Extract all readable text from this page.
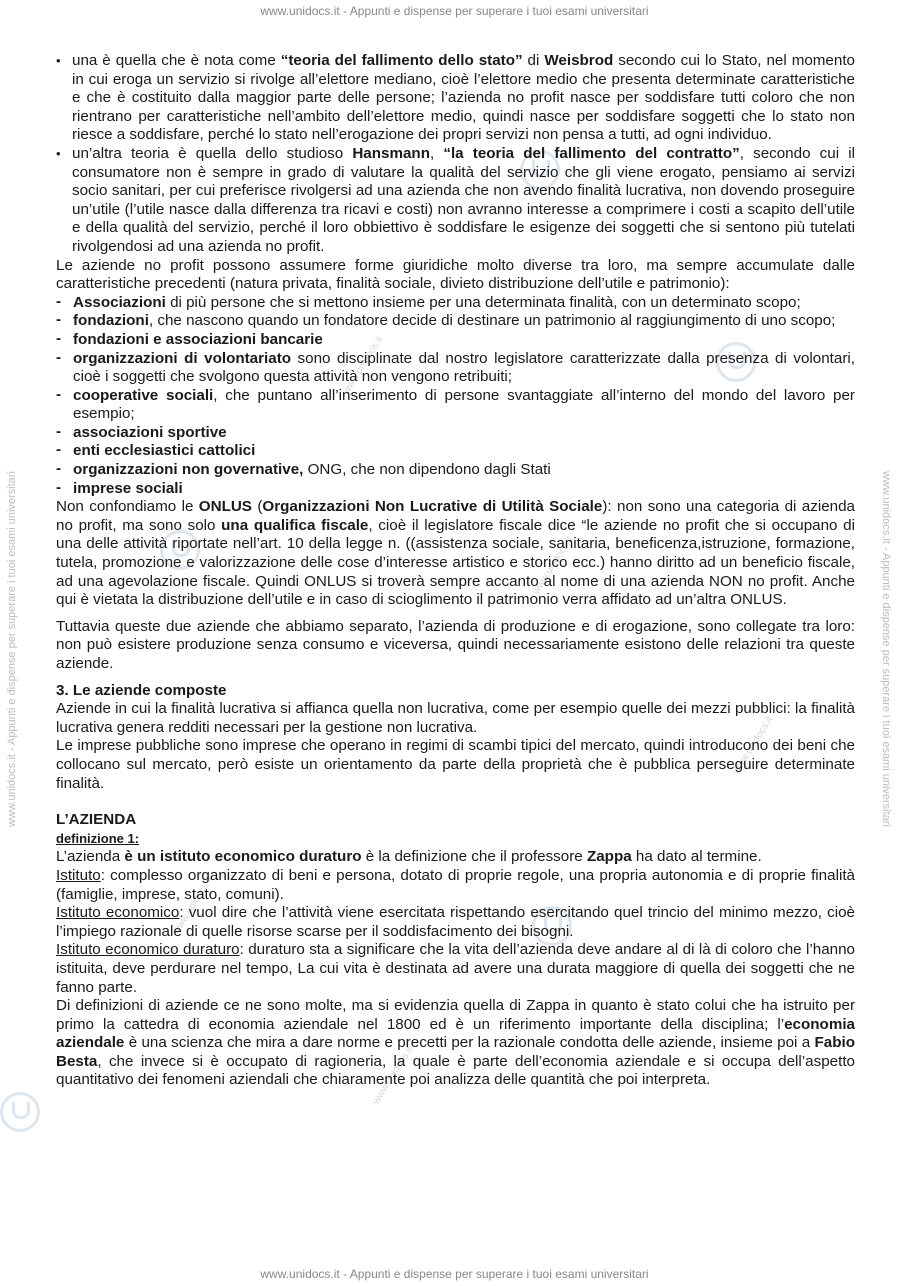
www.unidocs.it - Appunti e dispense per superare i tuoi esami universitari
www.unidocs.it - Appunti e dispense per superare i tuoi esami universitari
www.unidocs.it - Appunti e dispense per superare i tuoi esami universitari	www.unidocs.it - Appunti e dispense per superare i tuoi esami universitari
www.unidocs.it
www.unidocs.it
www.unidocs.it
www.unidocs.it
www.unidocs.it
• una è quella che è nota come “teoria del fallimento dello stato” di Weisbrod secondo cui lo Stato, nel momento in cui eroga un servizio si rivolge all’elettore mediano, cioè l’elettore medio che presenta determinate caratteristiche e che è costituito dalla maggior parte delle persone; l’azienda no profit nasce per soddisfare tutti coloro che non rientrano per caratteristiche nell’ambito dell’elettore medio, quindi nasce per soddisfare soggetti che lo stato non riesce a soddisfare, perché lo stato nell’erogazione dei propri servizi non pensa a tutti, ad ogni individuo.
• un’altra teoria è quella dello studioso Hansmann, “la teoria del fallimento del contratto”, secondo cui il consumatore non è sempre in grado di valutare la qualità del servizio che gli viene erogato, pensiamo ai servizi socio sanitari, per cui preferisce rivolgersi ad una azienda che non avendo finalità lucrativa, non dovendo proseguire un’utile (l’utile nasce dalla differenza tra ricavi e costi) non avranno interesse a comprimere i costi a scapito dell’utile e della qualità del servizio, perché il loro obbiettivo è soddisfare le esigenze dei soggetti che si sentono più tutelati rivolgendosi ad una azienda no profit.

Le aziende no profit possono assumere forme giuridiche molto diverse tra loro, ma sempre accumulate dalle caratteristiche precedenti (natura privata, finalità sociale, divieto distribuzione dell’utile e patrimonio):

- Associazioni di più persone che si mettono insieme per una determinata finalità, con un determinato scopo;
- fondazioni, che nascono quando un fondatore decide di destinare un patrimonio al raggiungimento di uno scopo;
- fondazioni e associazioni bancarie
- organizzazioni di volontariato sono disciplinate dal nostro legislatore caratterizzate dalla presenza di volontari, cioè i soggetti che svolgono questa attività non vengono retribuiti;
- cooperative sociali, che puntano all’inserimento di persone svantaggiate all’interno del mondo del lavoro per esempio;
- associazioni sportive
- enti ecclesiastici cattolici
- organizzazioni non governative, ONG, che non dipendono dagli Stati
- imprese sociali

Non confondiamo le ONLUS (Organizzazioni Non Lucrative di Utilità Sociale): non sono una categoria di azienda no profit, ma sono solo una qualifica fiscale, cioè il legislatore fiscale dice “le aziende no profit che si occupano di una delle attività riportate nell’art. 10 della legge n. ((assistenza sociale, sanitaria, beneficenza,istruzione, formazione, tutela, promozione e valorizzazione delle cose d’interesse artistico e storico ecc.) hanno diritto ad un beneficio fiscale, ad una agevolazione fiscale. Quindi ONLUS si troverà sempre accanto al nome di una azienda NON no profit. Anche qui è vietata la distribuzione dell’utile e in caso di scioglimento il patrimonio verra affidato ad un’altra ONLUS.

Tuttavia queste due aziende che abbiamo separato, l’azienda di produzione e di erogazione, sono collegate tra loro: non può esistere produzione senza consumo e viceversa, quindi necessariamente esistono delle relazioni tra queste aziende.

3. Le aziende composte

Aziende in cui la finalità lucrativa si affianca quella non lucrativa, come per esempio quelle dei mezzi pubblici: la finalità lucrativa genera redditi necessari per la gestione non lucrativa.

Le imprese pubbliche sono imprese che operano in regimi di scambi tipici del mercato, quindi introducono dei beni che collocano sul mercato, però esiste un orientamento da parte della proprietà che è pubblica perseguire determinate finalità.

L’AZIENDA

definizione 1:

L’azienda è un istituto economico duraturo è la definizione che il professore Zappa ha dato al termine.

Istituto: complesso organizzato di beni e persona, dotato di proprie regole, una propria autonomia e di proprie finalità (famiglie, imprese, stato, comuni).

Istituto economico: vuol dire che l’attività viene esercitata rispettando esercitando quel trincio del minimo mezzo, cioè l’impiego razionale di quelle risorse scarse per il soddisfacimento dei bisogni.

Istituto economico duraturo: duraturo sta a significare che la vita dell’azienda deve andare al di là di coloro che l’hanno istituita, deve perdurare nel tempo, La cui vita è destinata ad avere una durata maggiore di quella dei soggetti che ne fanno parte.

Di definizioni di aziende ce ne sono molte, ma si evidenzia quella di Zappa in quanto è stato colui che ha istruito per primo la cattedra di economia aziendale nel 1800 ed è un riferimento importante della disciplina; l’economia aziendale è una scienza che mira a dare norme e precetti per la razionale condotta delle aziende, insieme poi a Fabio Besta, che invece si è occupato di ragioneria, la quale è parte dell’economia aziendale e si occupa dell’aspetto quantitativo dei fenomeni aziendali che chiaramente poi analizza delle quantità che poi interpreta.
